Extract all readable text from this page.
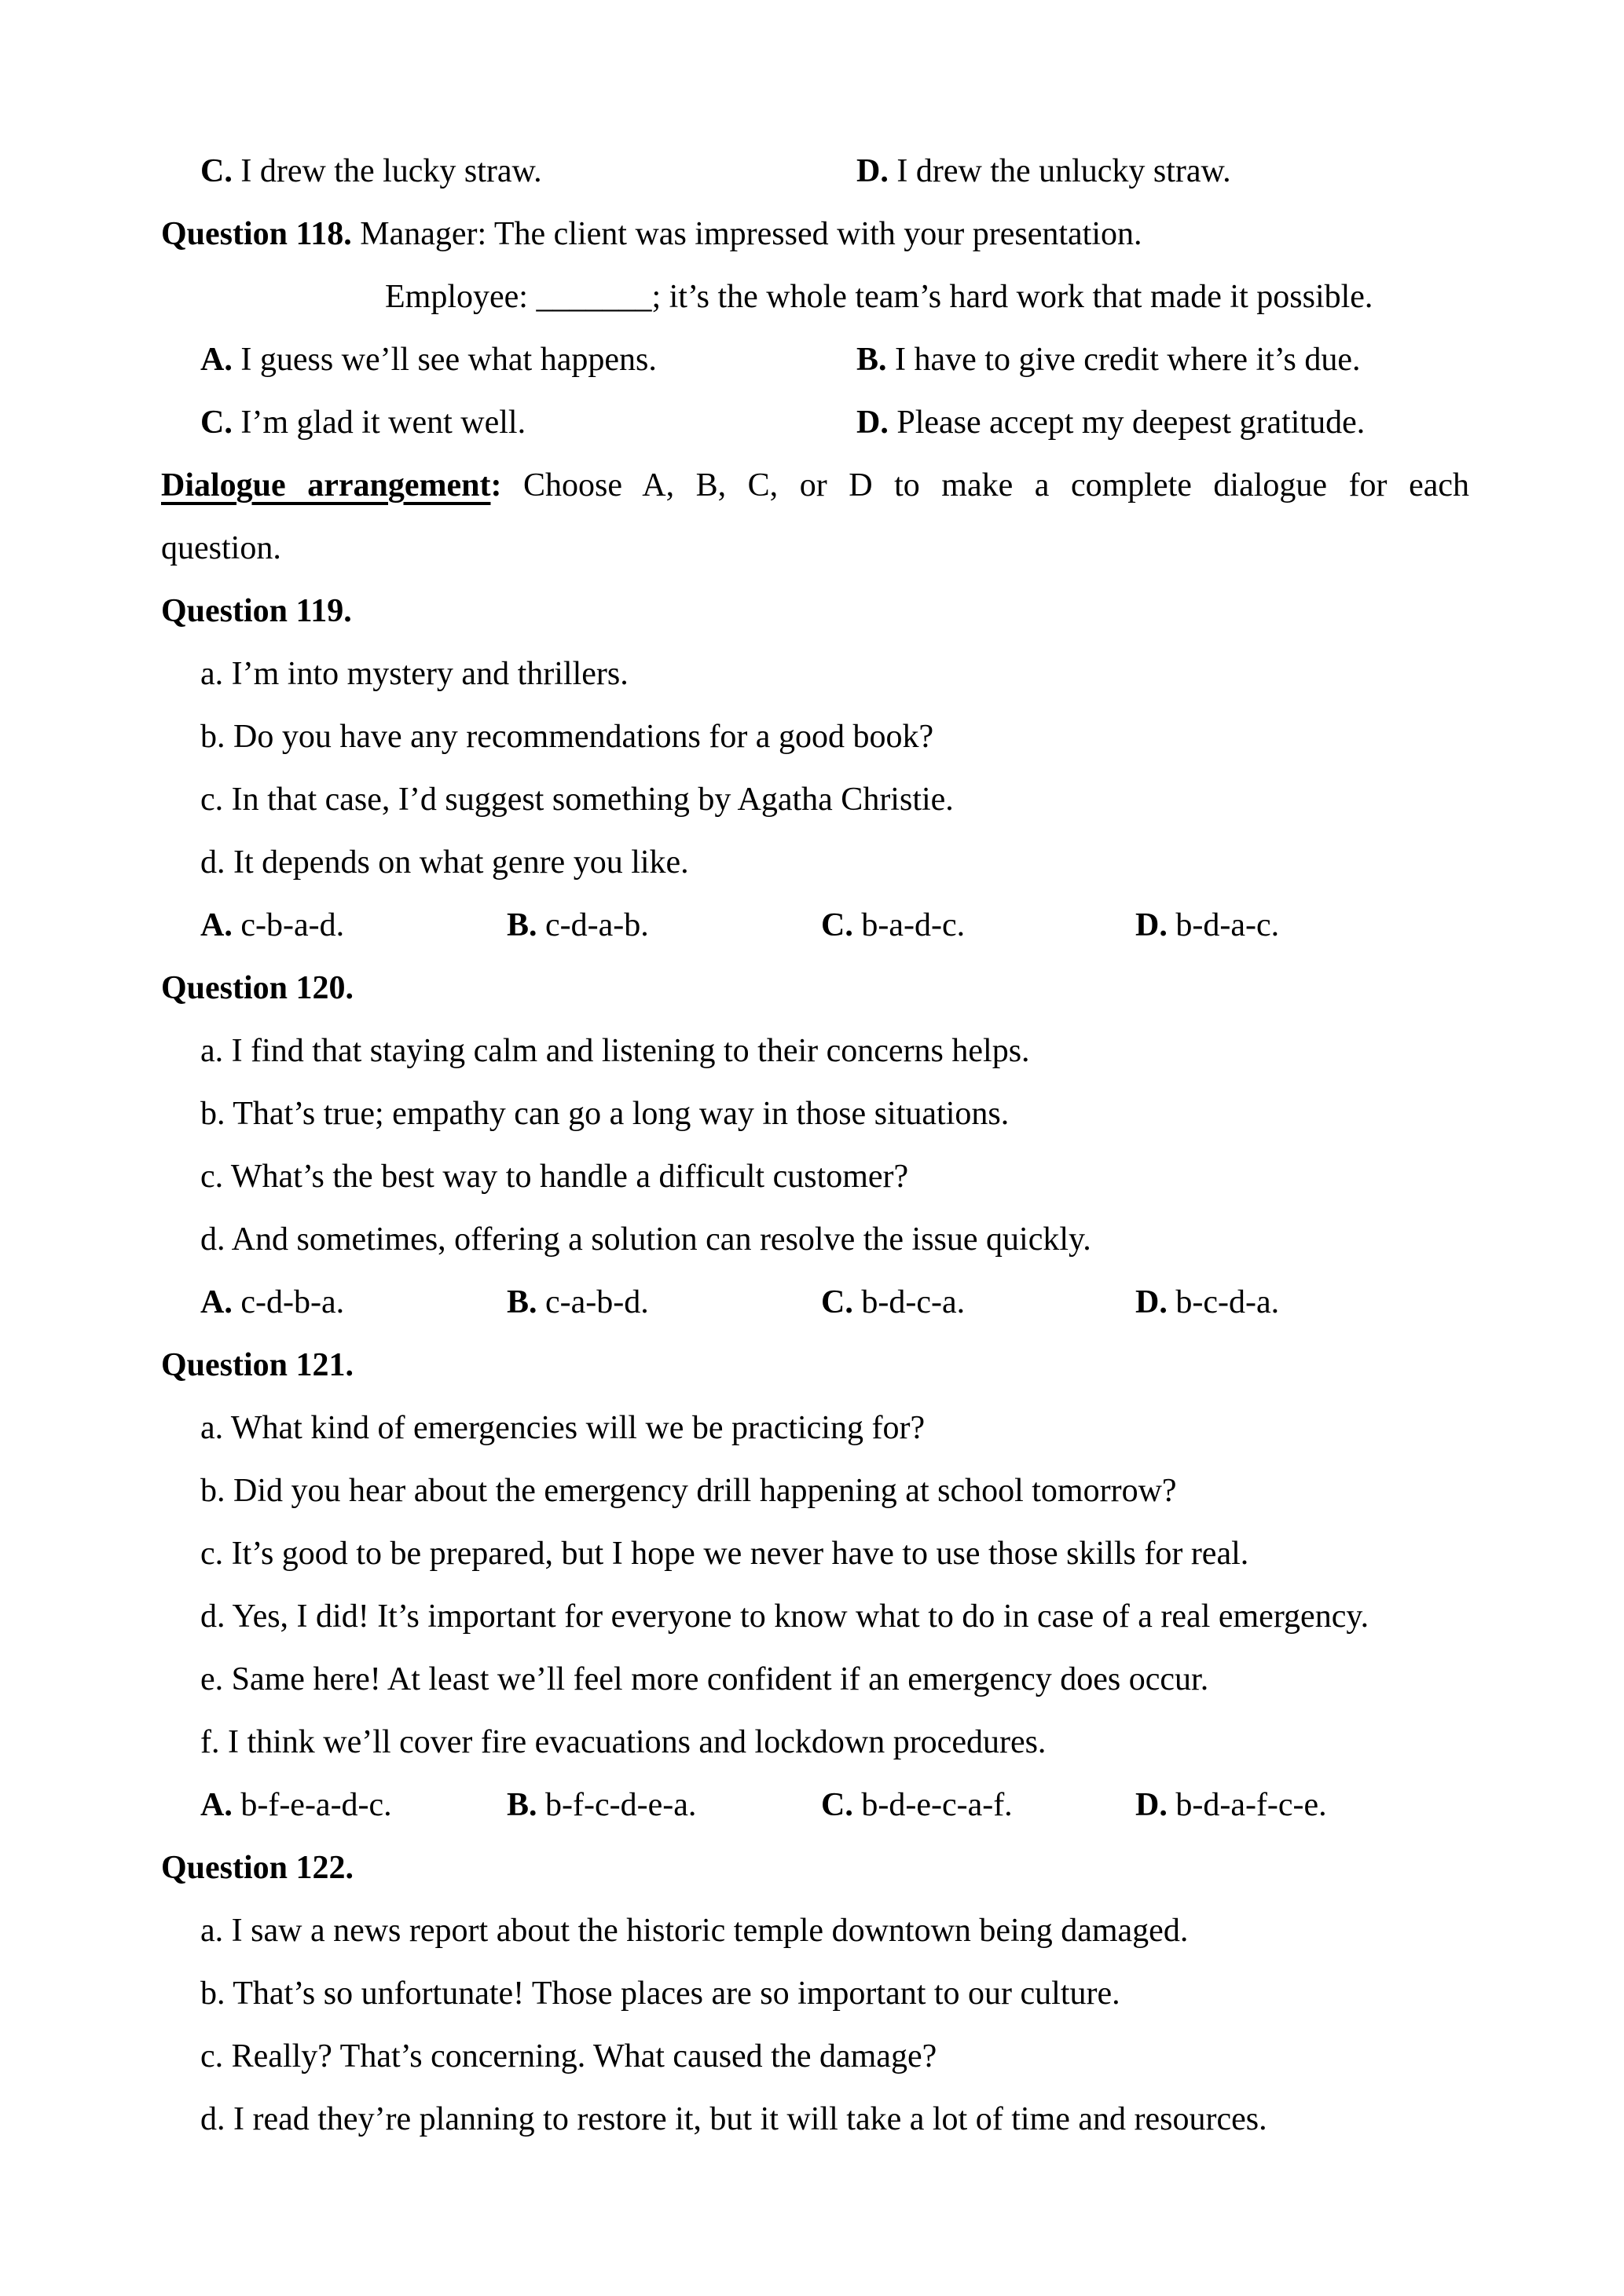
C. I drew the lucky straw.	D. I drew the unlucky straw.
Question 118. Manager: The client was impressed with your presentation.
Employee: _______; it’s the whole team’s hard work that made it possible.
A. I guess we’ll see what happens.	B. I have to give credit where it’s due.
C. I’m glad it went well.	D. Please accept my deepest gratitude.
Dialogue arrangement: Choose A, B, C, or D to make a complete dialogue for each
question.
Question 119.
a. I’m into mystery and thrillers.
b. Do you have any recommendations for a good book?
c. In that case, I’d suggest something by Agatha Christie.
d. It depends on what genre you like.
A. c-b-a-d.	B. c-d-a-b.	C. b-a-d-c.	D. b-d-a-c.
Question 120.
a. I find that staying calm and listening to their concerns helps.
b. That’s true; empathy can go a long way in those situations.
c. What’s the best way to handle a difficult customer?
d. And sometimes, offering a solution can resolve the issue quickly.
A. c-d-b-a.	B. c-a-b-d.	C. b-d-c-a.	D. b-c-d-a.
Question 121.
a. What kind of emergencies will we be practicing for?
b. Did you hear about the emergency drill happening at school tomorrow?
c. It’s good to be prepared, but I hope we never have to use those skills for real.
d. Yes, I did! It’s important for everyone to know what to do in case of a real emergency.
e. Same here! At least we’ll feel more confident if an emergency does occur.
f. I think we’ll cover fire evacuations and lockdown procedures.
A. b-f-e-a-d-c.	B. b-f-c-d-e-a.	C. b-d-e-c-a-f.	D. b-d-a-f-c-e.
Question 122.
a. I saw a news report about the historic temple downtown being damaged.
b. That’s so unfortunate! Those places are so important to our culture.
c. Really? That’s concerning. What caused the damage?
d. I read they’re planning to restore it, but it will take a lot of time and resources.
